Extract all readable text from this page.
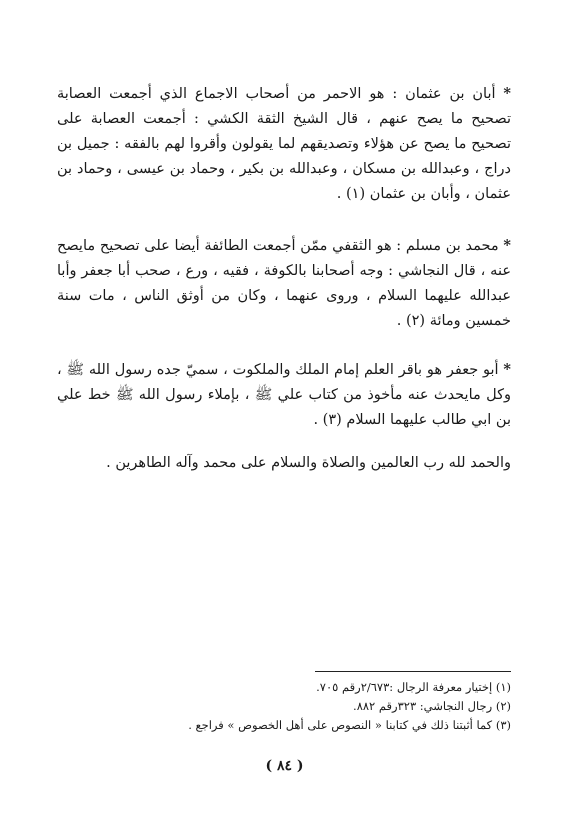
* أبان بن عثمان : هو الاحمر من أصحاب الاجماع الذي أجمعت العصابة تصحيح ما يصح عنهم ، قال الشيخ الثقة الكشي : أجمعت العصابة على تصحيح ما يصح عن هؤلاء وتصديقهم لما يقولون وأقروا لهم بالفقه : جميل بن دراج ، وعبدالله بن مسكان ، وعبدالله بن بكير ، وحماد بن عيسى ، وحماد بن عثمان ، وأبان بن عثمان (١) .

* محمد بن مسلم : هو الثقفي ممّن أجمعت الطائفة أيضا على تصحيح مايصح عنه ، قال النجاشي : وجه أصحابنا بالكوفة ، فقيه ، ورع ، صحب أبا جعفر وأبا عبدالله عليهما السلام ، وروى عنهما ، وكان من أوثق الناس ، مات سنة خمسين ومائة (٢) .

* أبو جعفر هو باقر العلم إمام الملك والملكوت ، سميّ جده رسول الله ﷺ ، وكل مايحدث عنه مأخوذ من كتاب علي ﷺ ، بإملاء رسول الله ﷺ خط علي بن ابي طالب عليهما السلام (٣) .

والحمد لله رب العالمين والصلاة والسلام على محمد وآله الطاهرين .

(١) إختيار معرفة الرجال :٢/٦٧٣رقم ٧٠٥.
(٢) رجال النجاشي: ٣٢٣رقم ٨٨٢.
(٣) كما أثبتنا ذلك في كتابنا « النصوص على أهل الخصوص » فراجع .
( ٨٤ )
